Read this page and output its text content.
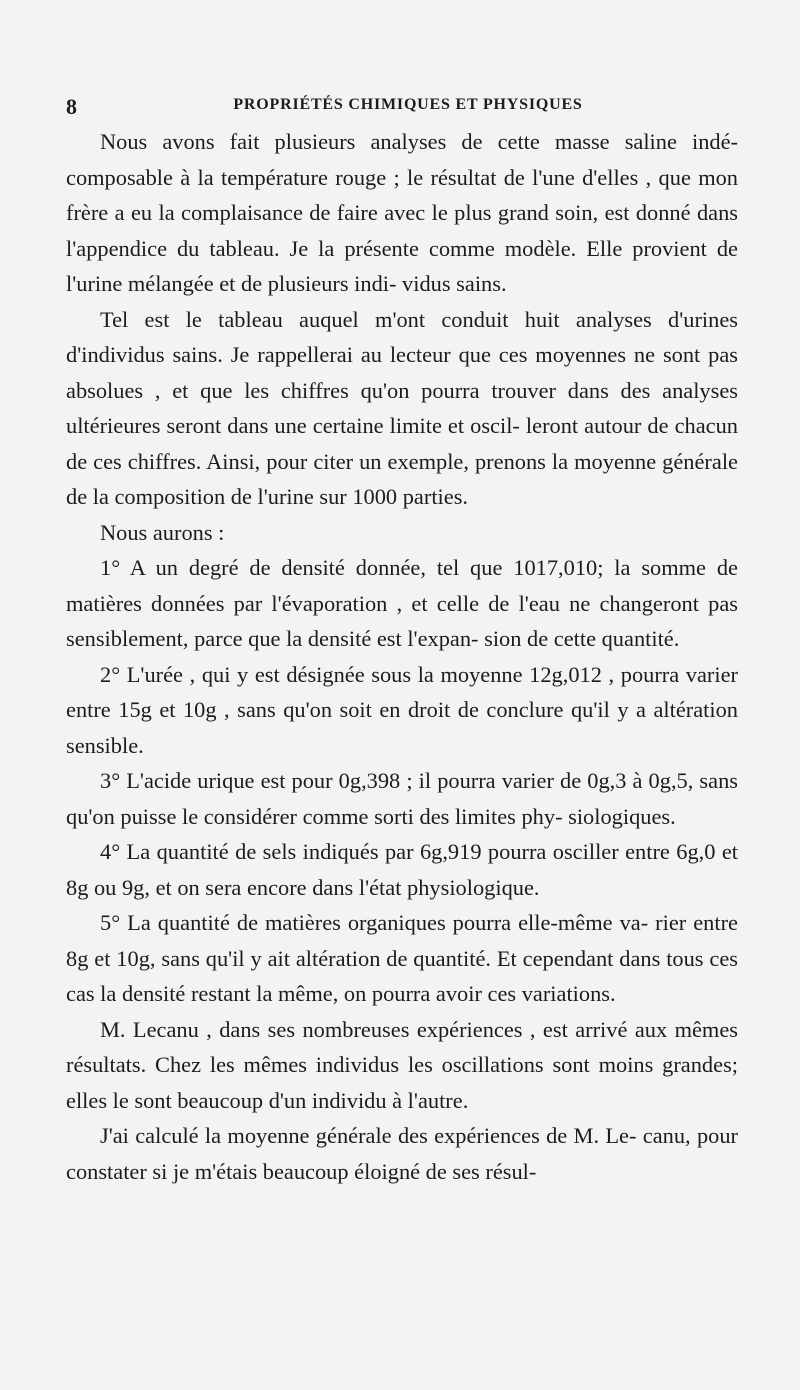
8	PROPRIÉTÉS CHIMIQUES ET PHYSIQUES

Nous avons fait plusieurs analyses de cette masse saline indé- composable à la température rouge ; le résultat de l'une d'elles , que mon frère a eu la complaisance de faire avec le plus grand soin, est donné dans l'appendice du tableau. Je la présente comme modèle. Elle provient de l'urine mélangée et de plusieurs indi- vidus sains.

Tel est le tableau auquel m'ont conduit huit analyses d'urines d'individus sains. Je rappellerai au lecteur que ces moyennes ne sont pas absolues , et que les chiffres qu'on pourra trouver dans des analyses ultérieures seront dans une certaine limite et oscil- leront autour de chacun de ces chiffres. Ainsi, pour citer un exemple, prenons la moyenne générale de la composition de l'urine sur 1000 parties.

Nous aurons :

1° A un degré de densité donnée, tel que 1017,010; la somme de matières données par l'évaporation , et celle de l'eau ne changeront pas sensiblement, parce que la densité est l'expan- sion de cette quantité.

2° L'urée , qui y est désignée sous la moyenne 12g,012 , pourra varier entre 15g et 10g , sans qu'on soit en droit de conclure qu'il y a altération sensible.

3° L'acide urique est pour 0g,398 ; il pourra varier de 0g,3 à 0g,5, sans qu'on puisse le considérer comme sorti des limites phy- siologiques.

4° La quantité de sels indiqués par 6g,919 pourra osciller entre 6g,0 et 8g ou 9g, et on sera encore dans l'état physiologique.

5° La quantité de matières organiques pourra elle-même va- rier entre 8g et 10g, sans qu'il y ait altération de quantité. Et cependant dans tous ces cas la densité restant la même, on pourra avoir ces variations.

M. Lecanu , dans ses nombreuses expériences , est arrivé aux mêmes résultats. Chez les mêmes individus les oscillations sont moins grandes; elles le sont beaucoup d'un individu à l'autre.

J'ai calculé la moyenne générale des expériences de M. Le- canu, pour constater si je m'étais beaucoup éloigné de ses résul-
